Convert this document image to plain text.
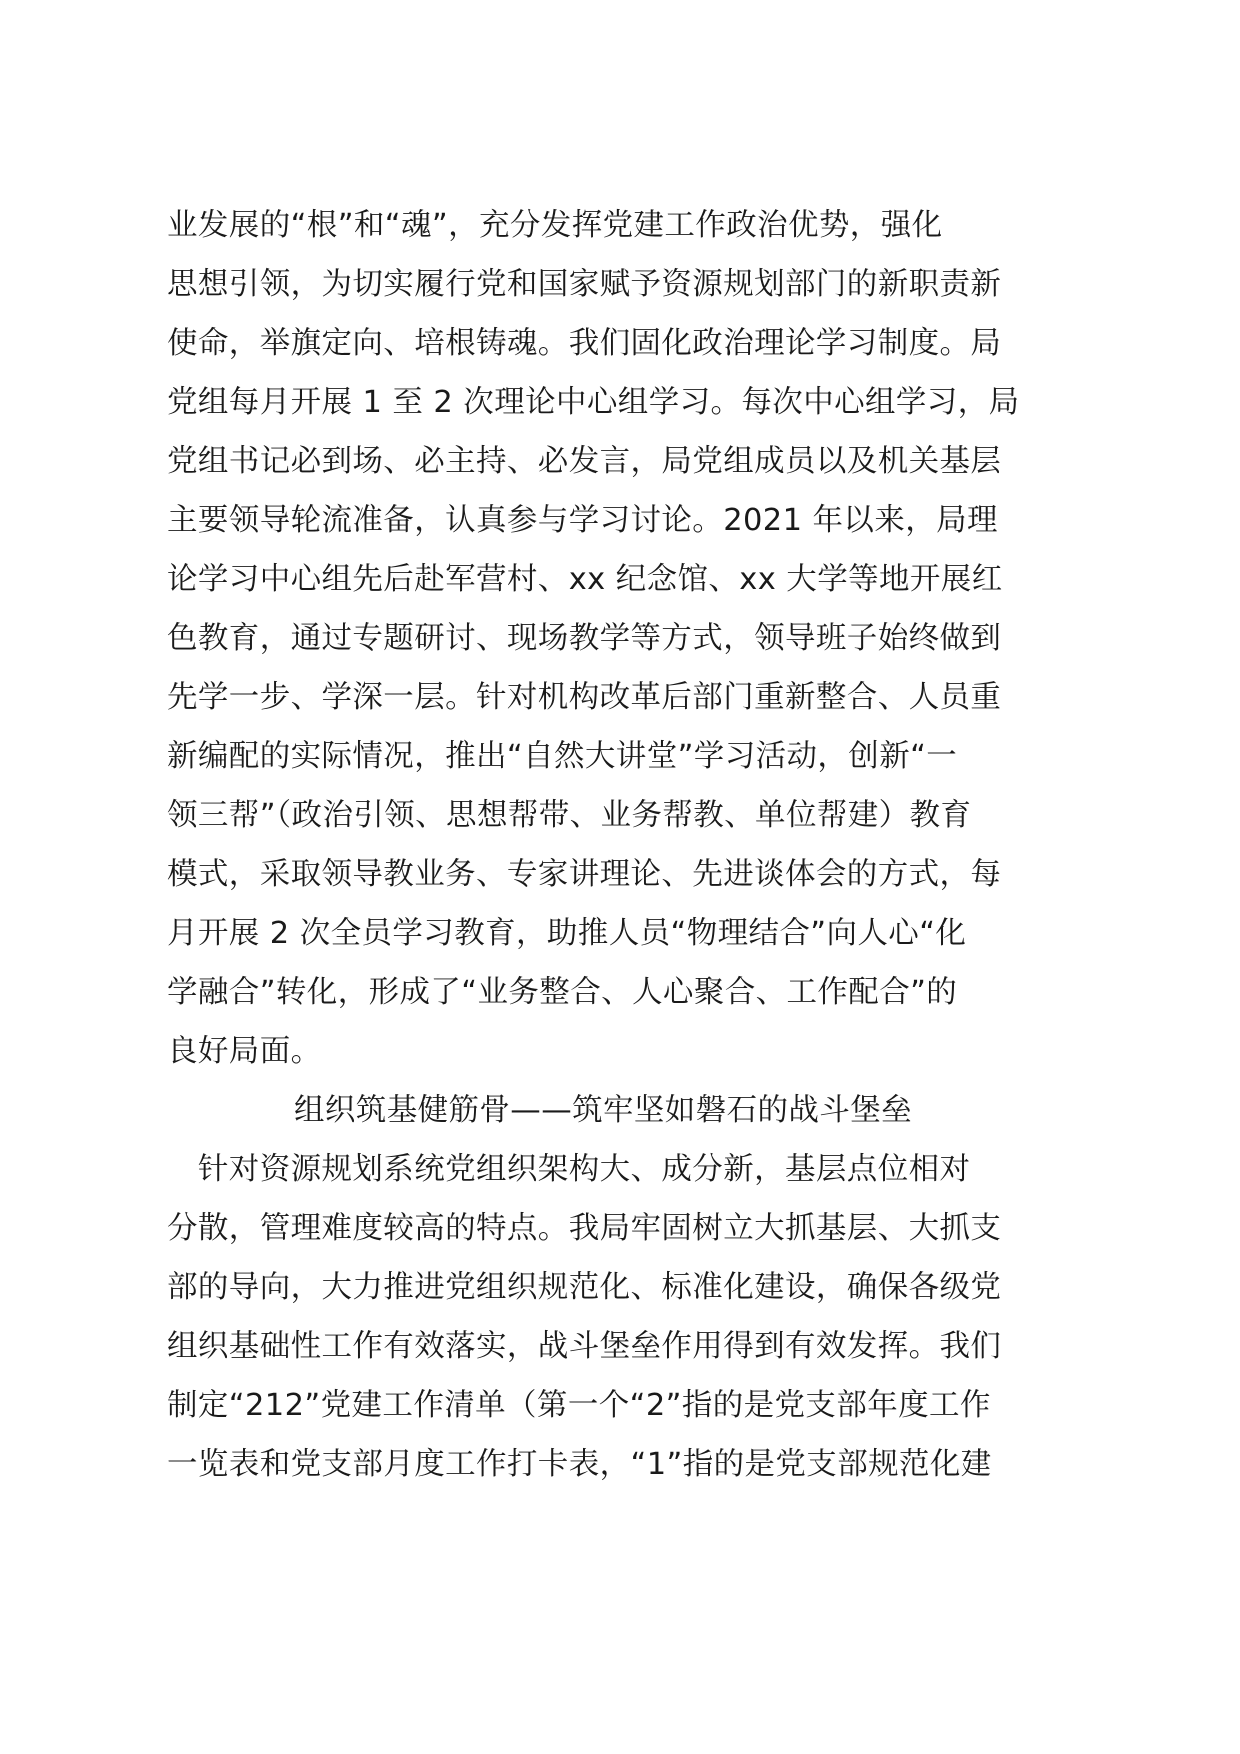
业发展的“根”和“魂”，充分发挥党建工作政治优势，强化
思想引领，为切实履行党和国家赋予资源规划部门的新职责新
使命，举旗定向、培根铸魂。我们固化政治理论学习制度。局
党组每月开展 1 至 2 次理论中心组学习。每次中心组学习，局
党组书记必到场、必主持、必发言，局党组成员以及机关基层
主要领导轮流准备，认真参与学习讨论。2021 年以来，局理
论学习中心组先后赴军营村、xx 纪念馆、xx 大学等地开展红
色教育，通过专题研讨、现场教学等方式，领导班子始终做到
先学一步、学深一层。针对机构改革后部门重新整合、人员重
新编配的实际情况，推出“自然大讲堂”学习活动，创新“一
领三帮”（政治引领、思想帮带、业务帮教、单位帮建）教育
模式，采取领导教业务、专家讲理论、先进谈体会的方式，每
月开展 2 次全员学习教育，助推人员“物理结合”向人心“化
学融合”转化，形成了“业务整合、人心聚合、工作配合”的
良好局面。
组织筑基健筋骨——筑牢坚如磐石的战斗堡垒
　针对资源规划系统党组织架构大、成分新，基层点位相对
分散，管理难度较高的特点。我局牢固树立大抓基层、大抓支
部的导向，大力推进党组织规范化、标准化建设，确保各级党
组织基础性工作有效落实，战斗堡垒作用得到有效发挥。我们
制定“212”党建工作清单（第一个“2”指的是党支部年度工作
一览表和党支部月度工作打卡表，“1”指的是党支部规范化建
